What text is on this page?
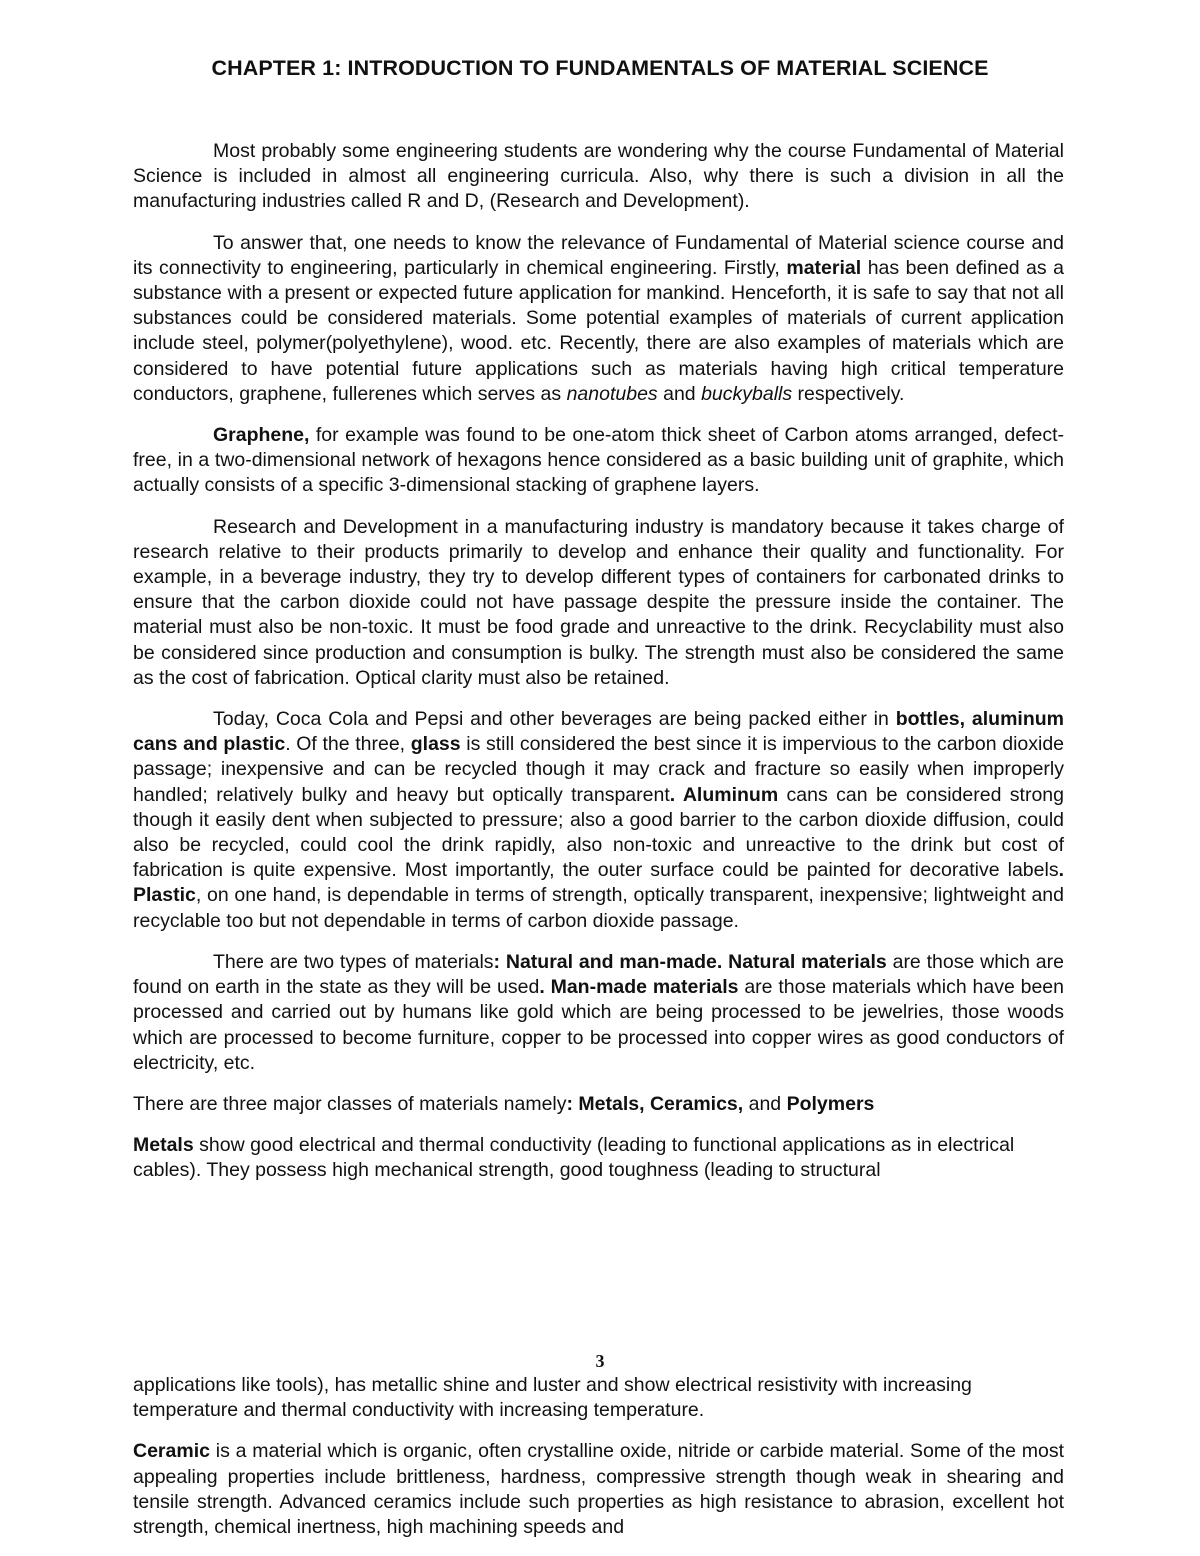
CHAPTER 1: INTRODUCTION TO FUNDAMENTALS OF MATERIAL SCIENCE

Most probably some engineering students are wondering why the course Fundamental of Material Science is included in almost all engineering curricula. Also, why there is such a division in all the manufacturing industries called R and D, (Research and Development).

To answer that, one needs to know the relevance of Fundamental of Material science course and its connectivity to engineering, particularly in chemical engineering. Firstly, material has been defined as a substance with a present or expected future application for mankind. Henceforth, it is safe to say that not all substances could be considered materials. Some potential examples of materials of current application include steel, polymer(polyethylene), wood. etc. Recently, there are also examples of materials which are considered to have potential future applications such as materials having high critical temperature conductors, graphene, fullerenes which serves as nanotubes and buckyballs respectively.

Graphene, for example was found to be one-atom thick sheet of Carbon atoms arranged, defect-free, in a two-dimensional network of hexagons hence considered as a basic building unit of graphite, which actually consists of a specific 3-dimensional stacking of graphene layers.

Research and Development in a manufacturing industry is mandatory because it takes charge of research relative to their products primarily to develop and enhance their quality and functionality. For example, in a beverage industry, they try to develop different types of containers for carbonated drinks to ensure that the carbon dioxide could not have passage despite the pressure inside the container. The material must also be non-toxic. It must be food grade and unreactive to the drink. Recyclability must also be considered since production and consumption is bulky. The strength must also be considered the same as the cost of fabrication. Optical clarity must also be retained.

Today, Coca Cola and Pepsi and other beverages are being packed either in bottles, aluminum cans and plastic. Of the three, glass is still considered the best since it is impervious to the carbon dioxide passage; inexpensive and can be recycled though it may crack and fracture so easily when improperly handled; relatively bulky and heavy but optically transparent. Aluminum cans can be considered strong though it easily dent when subjected to pressure; also a good barrier to the carbon dioxide diffusion, could also be recycled, could cool the drink rapidly, also non-toxic and unreactive to the drink but cost of fabrication is quite expensive. Most importantly, the outer surface could be painted for decorative labels. Plastic, on one hand, is dependable in terms of strength, optically transparent, inexpensive; lightweight and recyclable too but not dependable in terms of carbon dioxide passage.

There are two types of materials: Natural and man-made. Natural materials are those which are found on earth in the state as they will be used. Man-made materials are those materials which have been processed and carried out by humans like gold which are being processed to be jewelries, those woods which are processed to become furniture, copper to be processed into copper wires as good conductors of electricity, etc.

There are three major classes of materials namely: Metals, Ceramics, and Polymers

Metals show good electrical and thermal conductivity (leading to functional applications as in electrical cables). They possess high mechanical strength, good toughness (leading to structural

3

applications like tools), has metallic shine and luster and show electrical resistivity with increasing temperature and thermal conductivity with increasing temperature.

Ceramic is a material which is organic, often crystalline oxide, nitride or carbide material. Some of the most appealing properties include brittleness, hardness, compressive strength though weak in shearing and tensile strength. Advanced ceramics include such properties as high resistance to abrasion, excellent hot strength, chemical inertness, high machining speeds and
